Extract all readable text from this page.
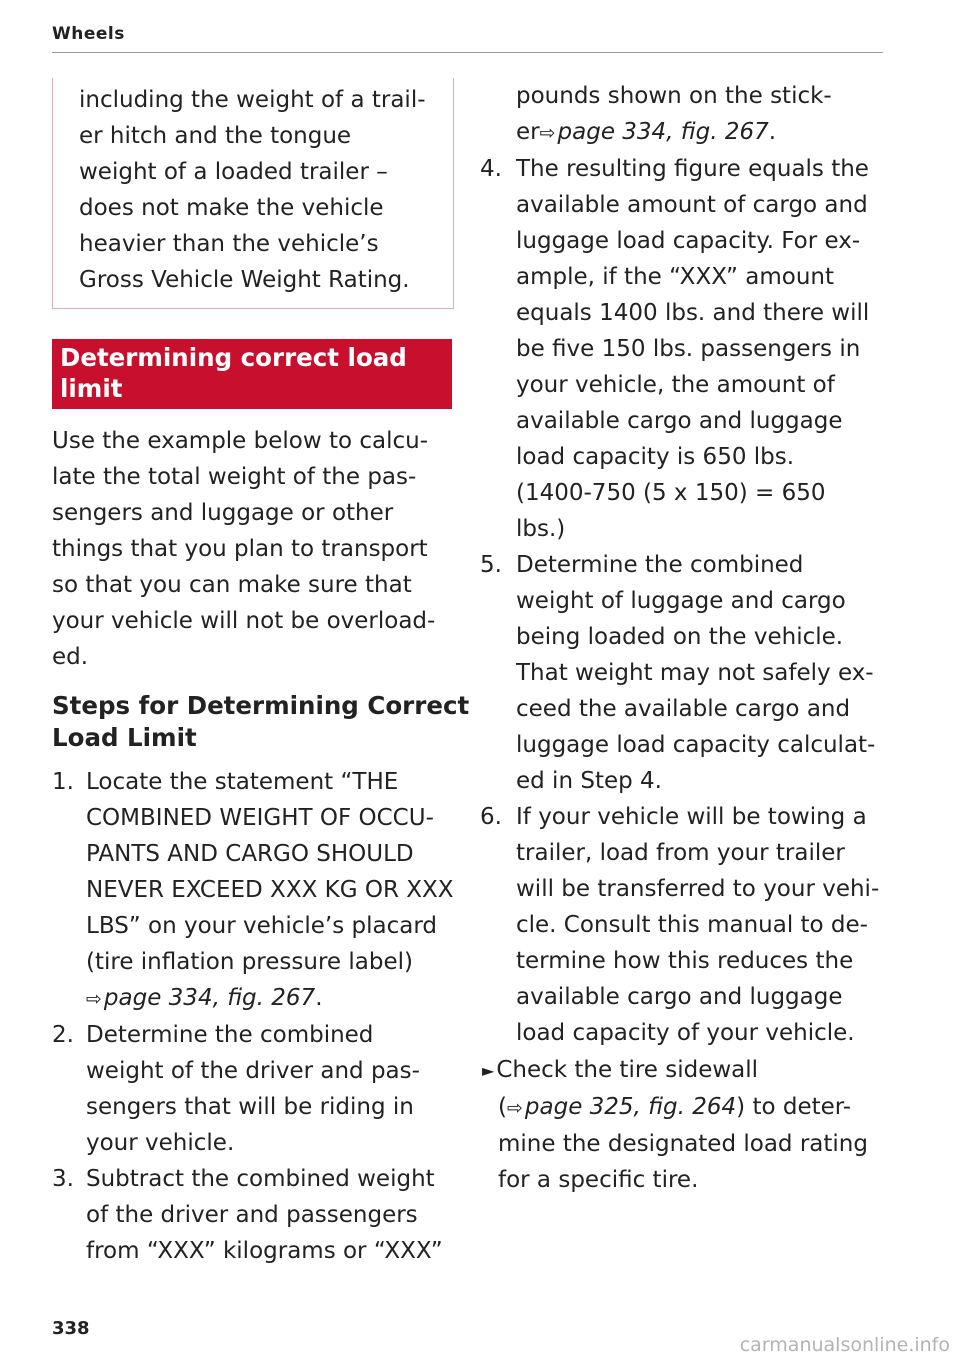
Wheels
including the weight of a trail-
er hitch and the tongue
weight of a loaded trailer –
does not make the vehicle
heavier than the vehicle’s
Gross Vehicle Weight Rating.
Determining correct load
limit
Use the example below to calcu-
late the total weight of the pas-
sengers and luggage or other
things that you plan to transport
so that you can make sure that
your vehicle will not be overload-
ed.
Steps for Determining Correct
Load Limit
1. Locate the statement “THE
COMBINED WEIGHT OF OCCU-
PANTS AND CARGO SHOULD
NEVER EXCEED XXX KG OR XXX
LBS” on your vehicle’s placard
(tire inflation pressure label)
⇨page 334, fig. 267.
2. Determine the combined
weight of the driver and pas-
sengers that will be riding in
your vehicle.
3. Subtract the combined weight
of the driver and passengers
from “XXX” kilograms or “XXX”
pounds shown on the stick-
er⇨page 334, fig. 267.
4. The resulting figure equals the
available amount of cargo and
luggage load capacity. For ex-
ample, if the “XXX” amount
equals 1400 lbs. and there will
be five 150 lbs. passengers in
your vehicle, the amount of
available cargo and luggage
load capacity is 650 lbs.
(1400-750 (5 x 150) = 650
lbs.)
5. Determine the combined
weight of luggage and cargo
being loaded on the vehicle.
That weight may not safely ex-
ceed the available cargo and
luggage load capacity calculat-
ed in Step 4.
6. If your vehicle will be towing a
trailer, load from your trailer
will be transferred to your vehi-
cle. Consult this manual to de-
termine how this reduces the
available cargo and luggage
load capacity of your vehicle.
►Check the tire sidewall
(⇨page 325, fig. 264) to deter-
mine the designated load rating
for a specific tire.
338
carmanualsonline.info
